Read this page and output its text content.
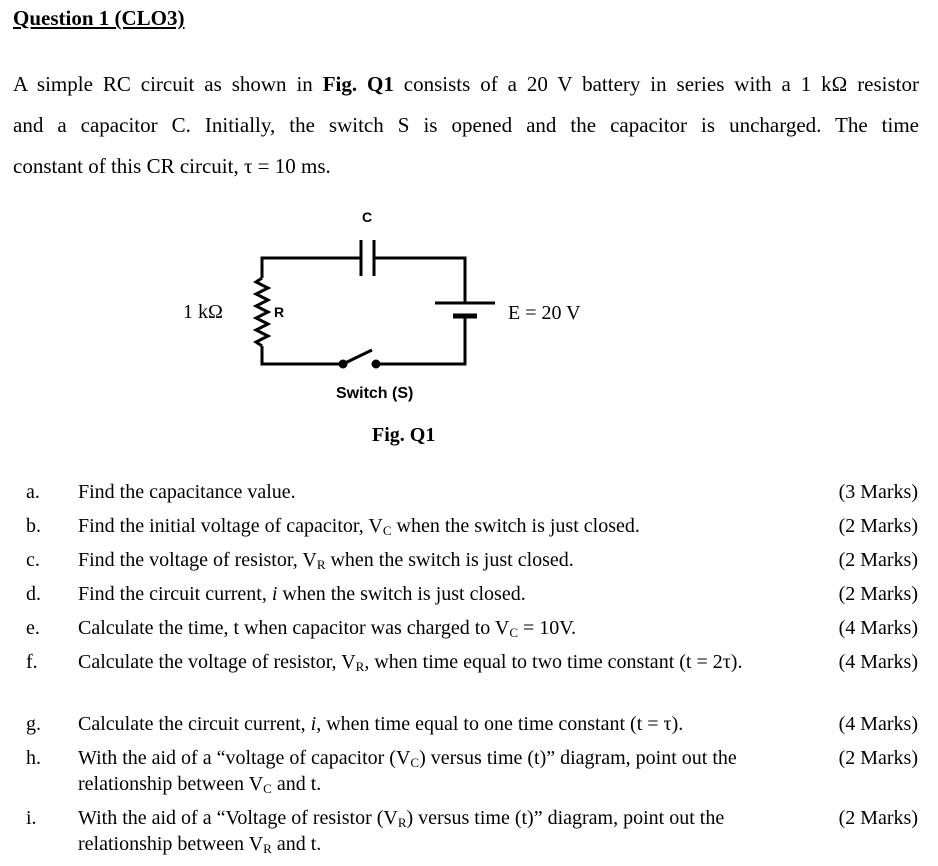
Question 1 (CLO3)
A simple RC circuit as shown in Fig. Q1 consists of a 20 V battery in series with a 1 kΩ resistor
and a capacitor C. Initially, the switch S is opened and the capacitor is uncharged. The time
constant of this CR circuit, τ = 10 ms.
C
1 kΩ	R	E = 20 V
Switch (S)
Fig. Q1
a. Find the capacitance value.	(3 Marks)
b. Find the initial voltage of capacitor, VC when the switch is just closed.	(2 Marks)
c. Find the voltage of resistor, VR when the switch is just closed.	(2 Marks)
d. Find the circuit current, i when the switch is just closed.	(2 Marks)
e. Calculate the time, t when capacitor was charged to VC = 10V.	(4 Marks)
f. Calculate the voltage of resistor, VR, when time equal to two time constant (t = 2τ).	(4 Marks)
g. Calculate the circuit current, i, when time equal to one time constant (t = τ).	(4 Marks)
h. With the aid of a “voltage of capacitor (VC) versus time (t)” diagram, point out the relationship between VC and t.
(2 Marks)
i. With the aid of a “Voltage of resistor (VR) versus time (t)” diagram, point out the relationship between VR and t.
(2 Marks)
